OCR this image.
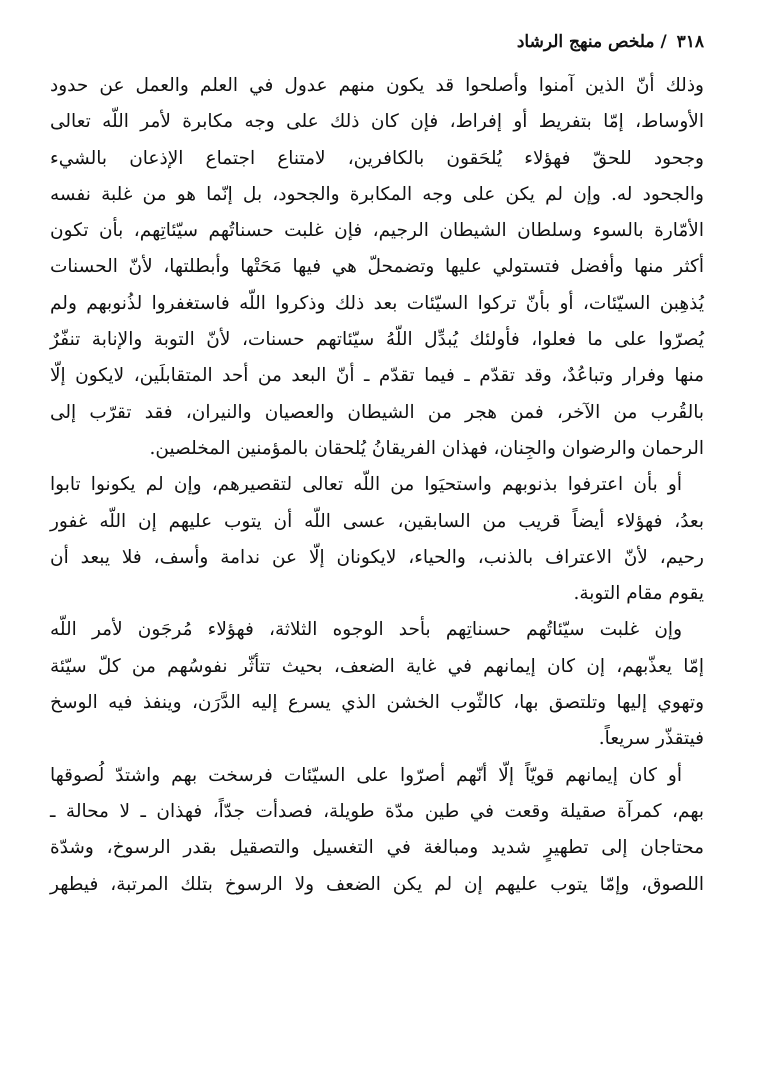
٣١٨ / ملخص منهج الرشاد
وذلك أنّ الذين آمنوا وأصلحوا قد يكون منهم عدول في العلم والعمل عن حدود
الأوساط، إمّا بتفريط أو إفراط، فإن كان ذلك على وجه مكابرة لأمر اللّه تعالى
وجحود للحقّ فهؤلاء يُلحَقون بالكافرين، لامتناع اجتماع الإذعان بالشيء
والجحود له. وإن لم يكن على وجه المكابرة والجحود، بل إنّما هو من غلبة نفسه
الأمّارة بالسوء وسلطان الشيطان الرجيم، فإن غلبت حسناتُهم سيّئاتِهم، بأن تكون
أكثر منها وأفضل فتستولي عليها وتضمحلّ هي فيها مَحَتْها وأبطلتها، لأنّ الحسنات
يُذهِبن السيّئات، أو بأنّ تركوا السيّئات بعد ذلك وذكروا اللّه فاستغفروا لذُنوبهم ولم
يُصرّوا على ما فعلوا، فأولئك يُبدِّل اللّهُ سيّئاتهم حسنات، لأنّ التوبة والإنابة تنفّرٌ
منها وفرار وتباعُدٌ، وقد تقدّم ـ فيما تقدّم ـ أنّ البعد من أحد المتقابلَين، لايكون إلّا
بالقُرب من الآخر، فمن هجر من الشيطان والعصيان والنيران، فقد تقرّب إلى
الرحمان والرضوان والجِنان، فهذان الفريقانُ يُلحقان بالمؤمنين المخلصين.
أو بأن اعترفوا بذنوبهم واستحيَوا من اللّه تعالى لتقصيرهم، وإن لم يكونوا تابوا
بعدُ، فهؤلاء أيضاً قريب من السابقين، عسى اللّه أن يتوب عليهم إن اللّه غفور
رحيم، لأنّ الاعتراف بالذنب، والحياء، لايكونان إلّا عن ندامة وأسف، فلا يبعد أن
يقوم مقام التوبة.
وإن غلبت سيّئاتُهم حسناتِهم بأحد الوجوه الثلاثة، فهؤلاء مُرجَون لأمر اللّه
إمّا يعذّبهم، إن كان إيمانهم في غاية الضعف، بحيث تتأثّر نفوسُهم من كلّ سيّئة
وتهوي إليها وتلتصق بها، كالثّوب الخشن الذي يسرع إليه الدَّرَن، وينفذ فيه الوسخ
فيتقذّر سريعاً.
أو كان إيمانهم قويّاً إلّا أنّهم أصرّوا على السيّئات فرسخت بهم واشتدّ لُصوقها
بهم، كمرآة صقيلة وقعت في طين مدّة طويلة، فصدأت جدّاً، فهذان ـ لا محالة ـ
محتاجان إلى تطهيرٍ شديد ومبالغة في التغسيل والتصقيل بقدر الرسوخ، وشدّة
اللصوق، وإمّا يتوب عليهم إن لم يكن الضعف ولا الرسوخ بتلك المرتبة، فيطهر
